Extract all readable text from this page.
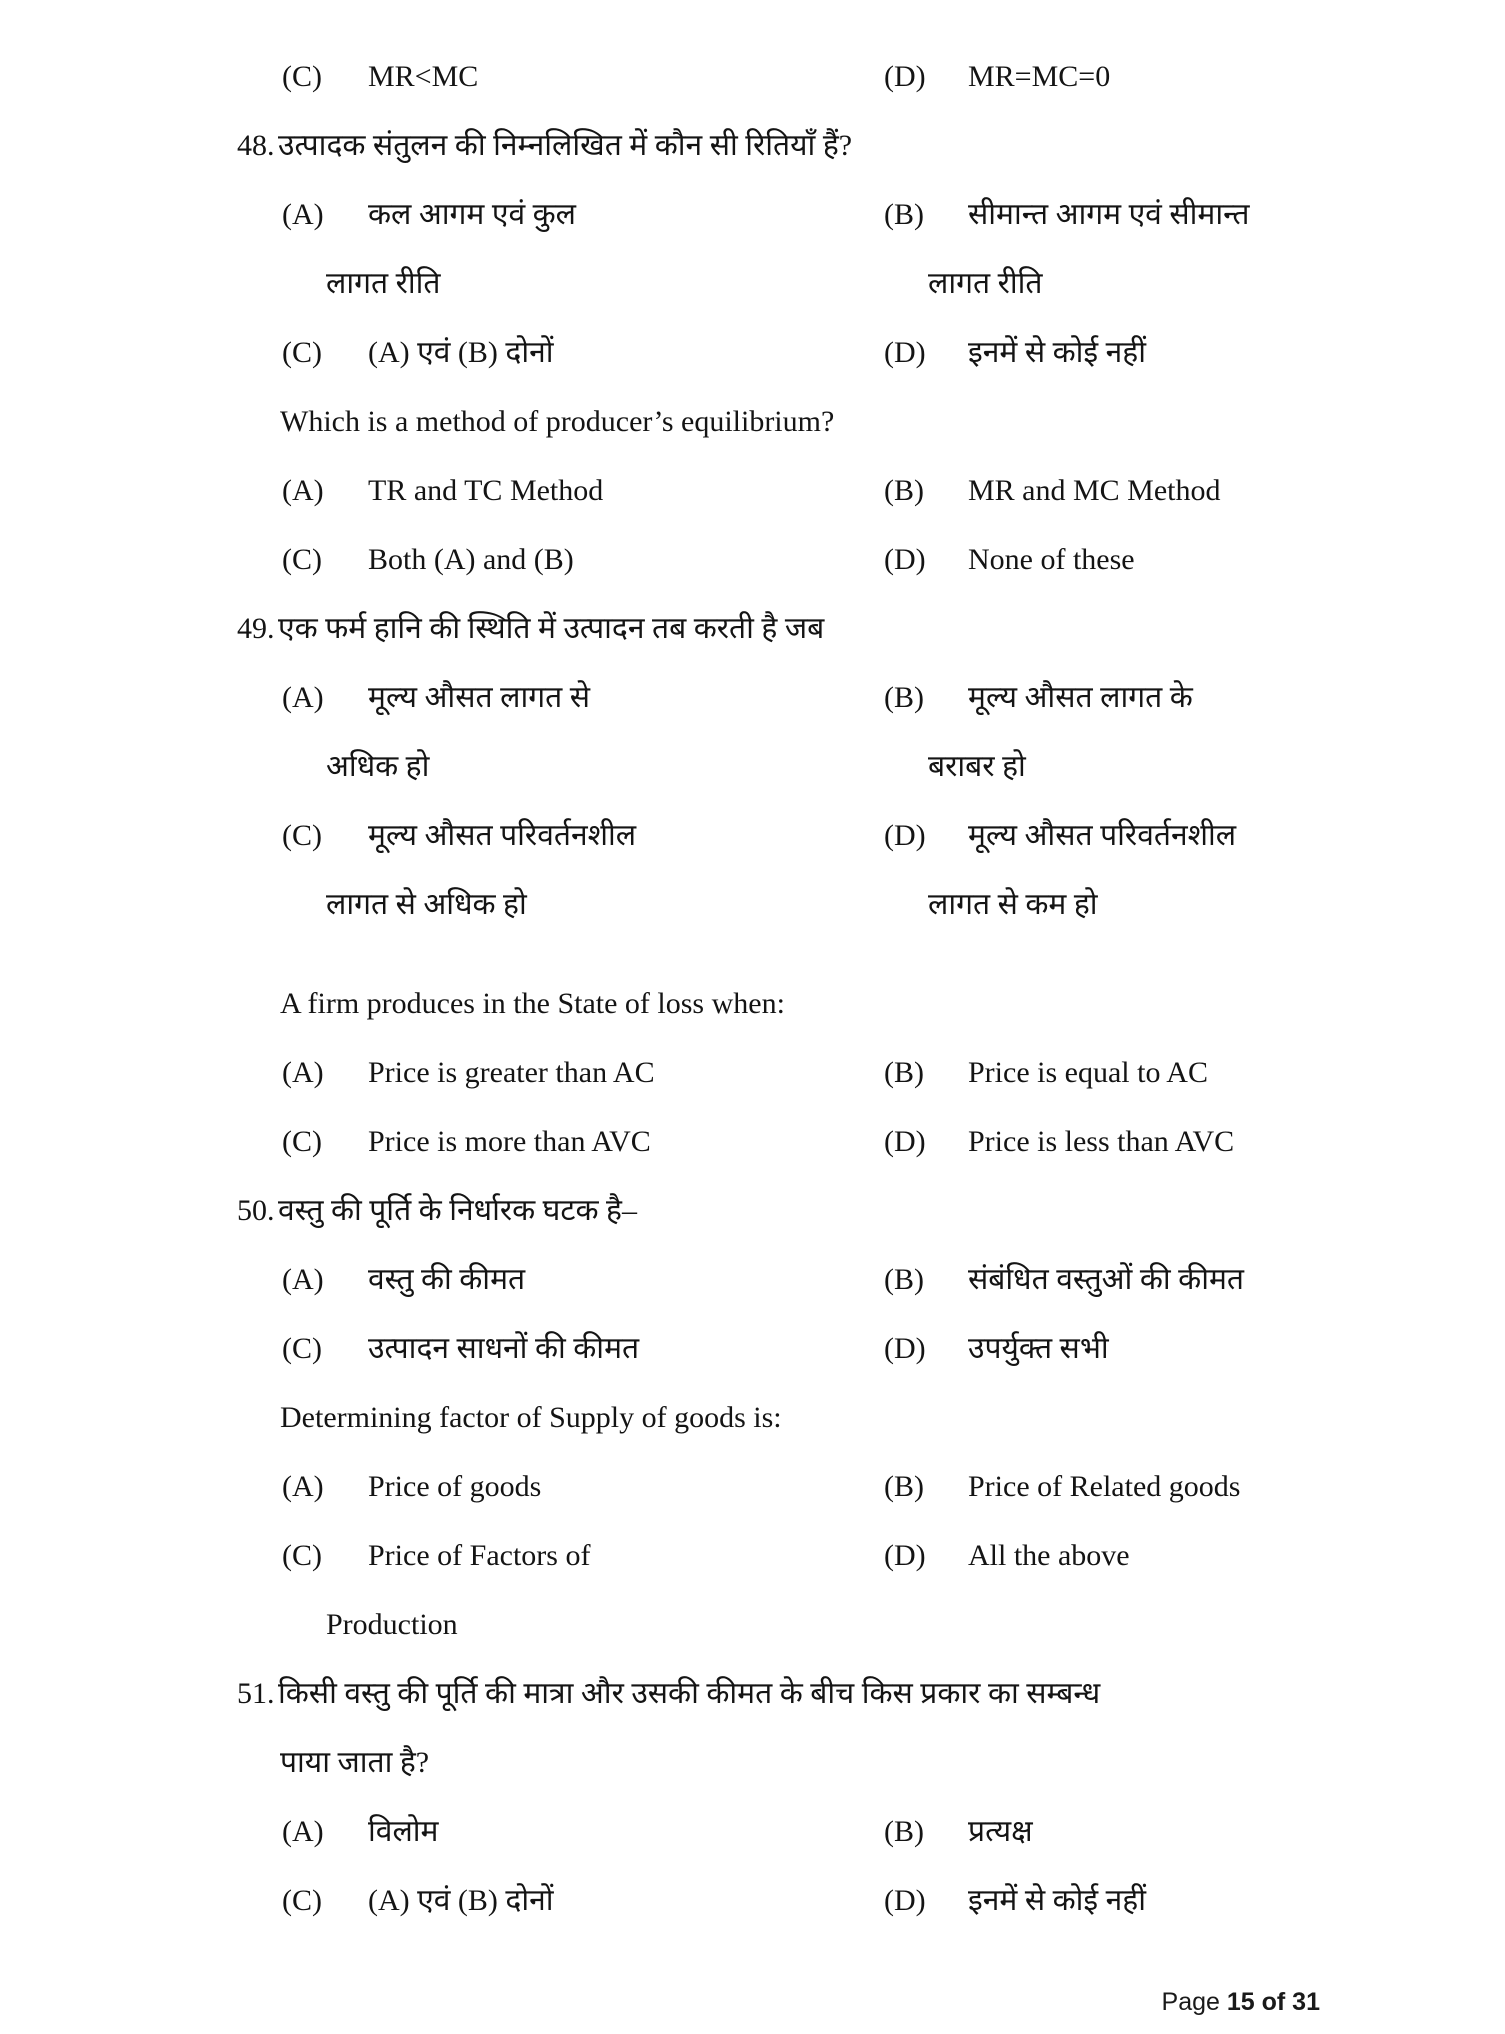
(C) MR<MC	(D) MR=MC=0
48. उत्पादक संतुलन की निम्नलिखित में कौन सी रितियाँ हैं?
(A) कल आगम एवं कुल	(B) सीमान्त आगम एवं सीमान्त
लागत रीति	लागत रीति
(C) (A) एवं (B) दोनों	(D) इनमें से कोई नहीं
Which is a method of producer’s equilibrium?
(A) TR and TC Method	(B) MR and MC Method
(C) Both (A) and (B)	(D) None of these
49. एक फर्म हानि की स्थिति में उत्पादन तब करती है जब
(A) मूल्य औसत लागत से	(B) मूल्य औसत लागत के
अधिक हो	बराबर हो
(C) मूल्य औसत परिवर्तनशील	(D) मूल्य औसत परिवर्तनशील
लागत से अधिक हो	लागत से कम हो
A firm produces in the State of loss when:
(A) Price is greater than AC	(B) Price is equal to AC
(C) Price is more than AVC	(D) Price is less than AVC
50. वस्तु की पूर्ति के निर्धारक घटक है–
(A) वस्तु की कीमत	(B) संबंधित वस्तुओं की कीमत
(C) उत्पादन साधनों की कीमत	(D) उपर्युक्त सभी
Determining factor of Supply of goods is:
(A) Price of goods	(B) Price of Related goods
(C) Price of Factors of	(D) All the above
Production
51. किसी वस्तु की पूर्ति की मात्रा और उसकी कीमत के बीच किस प्रकार का सम्बन्ध
पाया जाता है?
(A) विलोम	(B) प्रत्यक्ष
(C) (A) एवं (B) दोनों	(D) इनमें से कोई नहीं
Page 15 of 31
